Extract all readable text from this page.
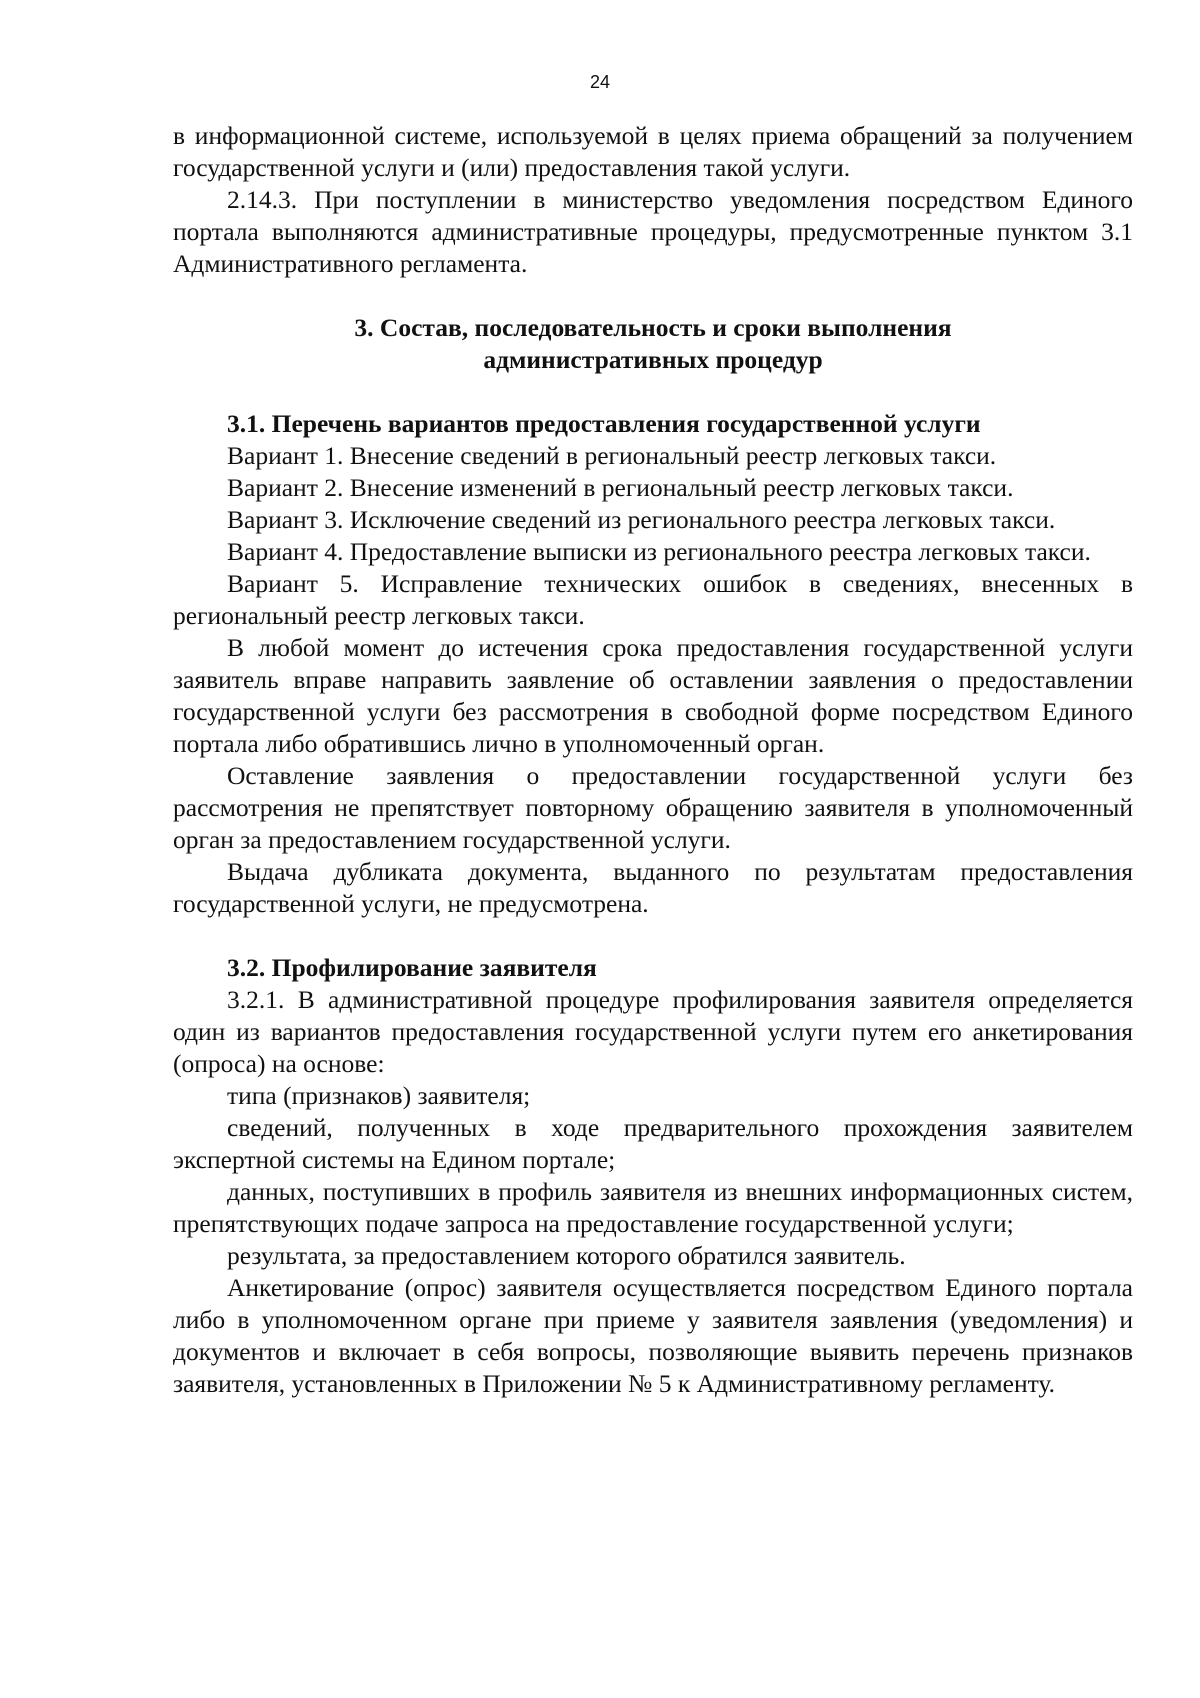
24

в информационной системе, используемой в целях приема обращений за получением государственной услуги и (или) предоставления такой услуги.

2.14.3. При поступлении в министерство уведомления посредством Единого портала выполняются административные процедуры, предусмотренные пунктом 3.1 Административного регламента.

3. Состав, последовательность и сроки выполнения
административных процедур

3.1. Перечень вариантов предоставления государственной услуги

Вариант 1. Внесение сведений в региональный реестр легковых такси.

Вариант 2. Внесение изменений в региональный реестр легковых такси.

Вариант 3. Исключение сведений из регионального реестра легковых такси.

Вариант 4. Предоставление выписки из регионального реестра легковых такси.

Вариант 5. Исправление технических ошибок в сведениях, внесенных в региональный реестр легковых такси.

В любой момент до истечения срока предоставления государственной услуги заявитель вправе направить заявление об оставлении заявления о предоставлении государственной услуги без рассмотрения в свободной форме посредством Единого портала либо обратившись лично в уполномоченный орган.

Оставление заявления о предоставлении государственной услуги без рассмотрения не препятствует повторному обращению заявителя в уполномоченный орган за предоставлением государственной услуги.

Выдача дубликата документа, выданного по результатам предоставления государственной услуги, не предусмотрена.

3.2. Профилирование заявителя

3.2.1. В административной процедуре профилирования заявителя определяется один из вариантов предоставления государственной услуги путем его анкетирования (опроса) на основе:

типа (признаков) заявителя;

сведений, полученных в ходе предварительного прохождения заявителем экспертной системы на Едином портале;

данных, поступивших в профиль заявителя из внешних информационных систем, препятствующих подаче запроса на предоставление государственной услуги;

результата, за предоставлением которого обратился заявитель.

Анкетирование (опрос) заявителя осуществляется посредством Единого портала либо в уполномоченном органе при приеме у заявителя заявления (уведомления) и документов и включает в себя вопросы, позволяющие выявить перечень признаков заявителя, установленных в Приложении № 5 к Административному регламенту.
